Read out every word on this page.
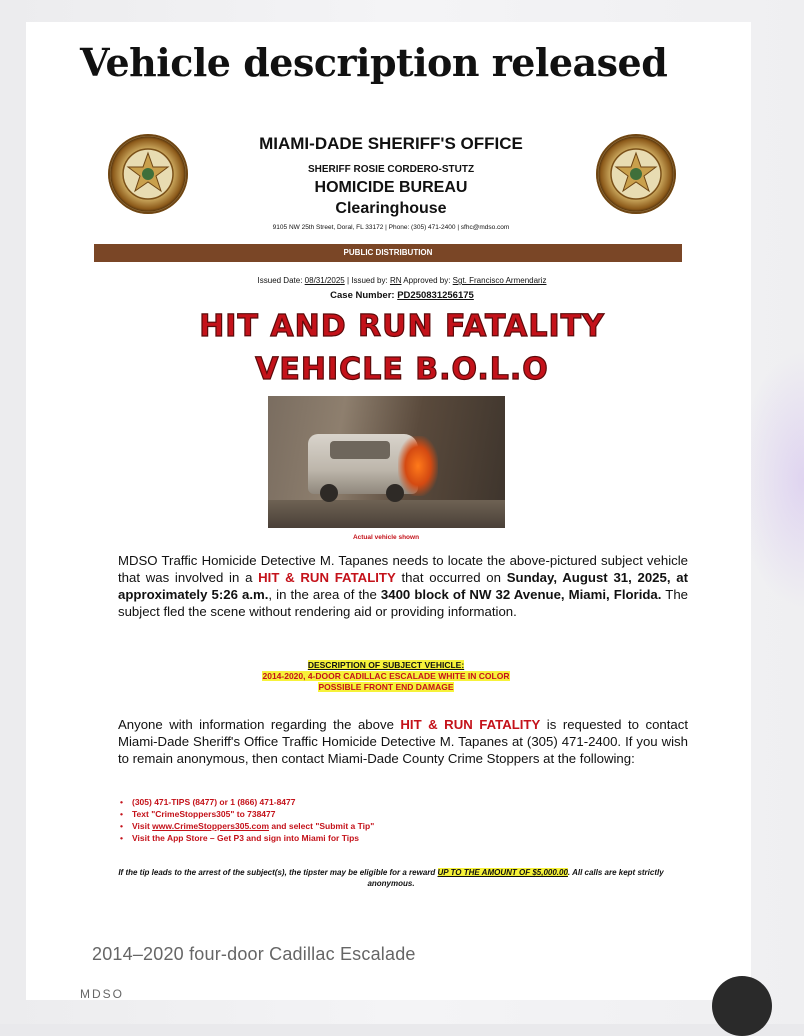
Vehicle description released
MIAMI-DADE SHERIFF'S OFFICE
SHERIFF ROSIE CORDERO-STUTZ
HOMICIDE BUREAU
Clearinghouse
9105 NW 25th Street, Doral, FL 33172 | Phone: (305) 471-2400 | sfhc@mdso.com
PUBLIC DISTRIBUTION
Issued Date: 08/31/2025 | Issued by: RN Approved by: Sgt. Francisco Armendariz
Case Number: PD250831256175
HIT AND RUN FATALITY
VEHICLE B.O.L.O
Actual vehicle shown
MDSO Traffic Homicide Detective M. Tapanes needs to locate the above-pictured subject vehicle that was involved in a HIT & RUN FATALITY that occurred on Sunday, August 31, 2025, at approximately 5:26 a.m., in the area of the 3400 block of NW 32 Avenue, Miami, Florida. The subject fled the scene without rendering aid or providing information.
DESCRIPTION OF SUBJECT VEHICLE:
2014-2020, 4-DOOR CADILLAC ESCALADE WHITE IN COLOR
POSSIBLE FRONT END DAMAGE
Anyone with information regarding the above HIT & RUN FATALITY is requested to contact Miami-Dade Sheriff's Office Traffic Homicide Detective M. Tapanes at (305) 471-2400. If you wish to remain anonymous, then contact Miami-Dade County Crime Stoppers at the following:
• (305) 471-TIPS (8477) or 1 (866) 471-8477
• Text "CrimeStoppers305" to 738477
• Visit www.CrimeStoppers305.com and select "Submit a Tip"
• Visit the App Store – Get P3 and sign into Miami for Tips
If the tip leads to the arrest of the subject(s), the tipster may be eligible for a reward UP TO THE AMOUNT OF $5,000.00. All calls are kept strictly anonymous.
2014–2020 four-door Cadillac Escalade
MDSO
